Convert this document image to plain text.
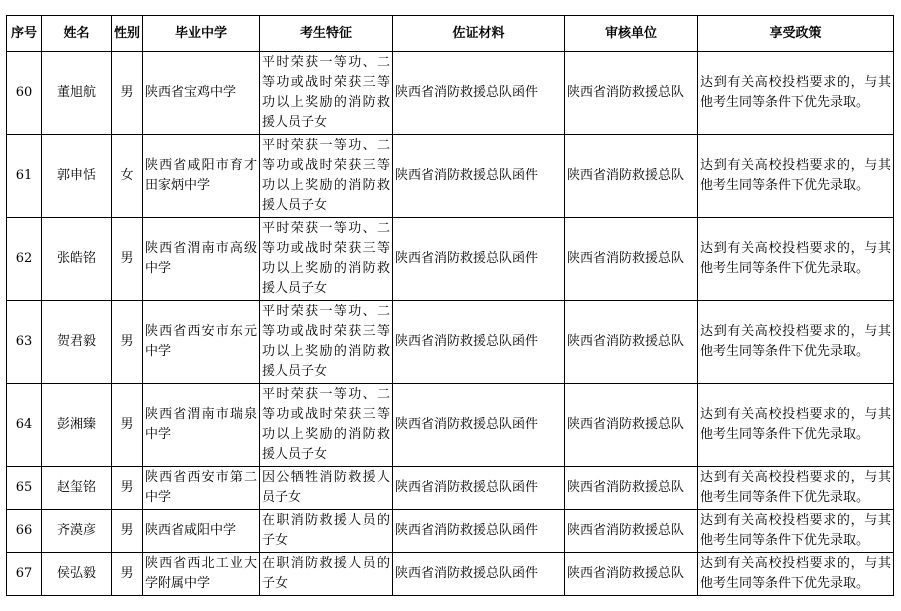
序号	姓名	性别	毕业中学	考生特征	佐证材料	审核单位	享受政策
60	董旭航	男	陕西省宝鸡中学	平时荣获一等功、二等功或战时荣获三等功以上奖励的消防救援人员子女	陕西省消防救援总队函件	陕西省消防救援总队	达到有关高校投档要求的，与其他考生同等条件下优先录取。
61	郭申恬	女	陕西省咸阳市育才田家炳中学	平时荣获一等功、二等功或战时荣获三等功以上奖励的消防救援人员子女	陕西省消防救援总队函件	陕西省消防救援总队	达到有关高校投档要求的，与其他考生同等条件下优先录取。
62	张皓铭	男	陕西省渭南市高级中学	平时荣获一等功、二等功或战时荣获三等功以上奖励的消防救援人员子女	陕西省消防救援总队函件	陕西省消防救援总队	达到有关高校投档要求的，与其他考生同等条件下优先录取。
63	贺君毅	男	陕西省西安市东元中学	平时荣获一等功、二等功或战时荣获三等功以上奖励的消防救援人员子女	陕西省消防救援总队函件	陕西省消防救援总队	达到有关高校投档要求的，与其他考生同等条件下优先录取。
64	彭湘臻	男	陕西省渭南市瑞泉中学	平时荣获一等功、二等功或战时荣获三等功以上奖励的消防救援人员子女	陕西省消防救援总队函件	陕西省消防救援总队	达到有关高校投档要求的，与其他考生同等条件下优先录取。
65	赵玺铭	男	陕西省西安市第二中学	因公牺牲消防救援人员子女	陕西省消防救援总队函件	陕西省消防救援总队	达到有关高校投档要求的，与其他考生同等条件下优先录取。
66	齐漠彦	男	陕西省咸阳中学	在职消防救援人员的子女	陕西省消防救援总队函件	陕西省消防救援总队	达到有关高校投档要求的，与其他考生同等条件下优先录取。
67	侯弘毅	男	陕西省西北工业大学附属中学	在职消防救援人员的子女	陕西省消防救援总队函件	陕西省消防救援总队	达到有关高校投档要求的，与其他考生同等条件下优先录取。
